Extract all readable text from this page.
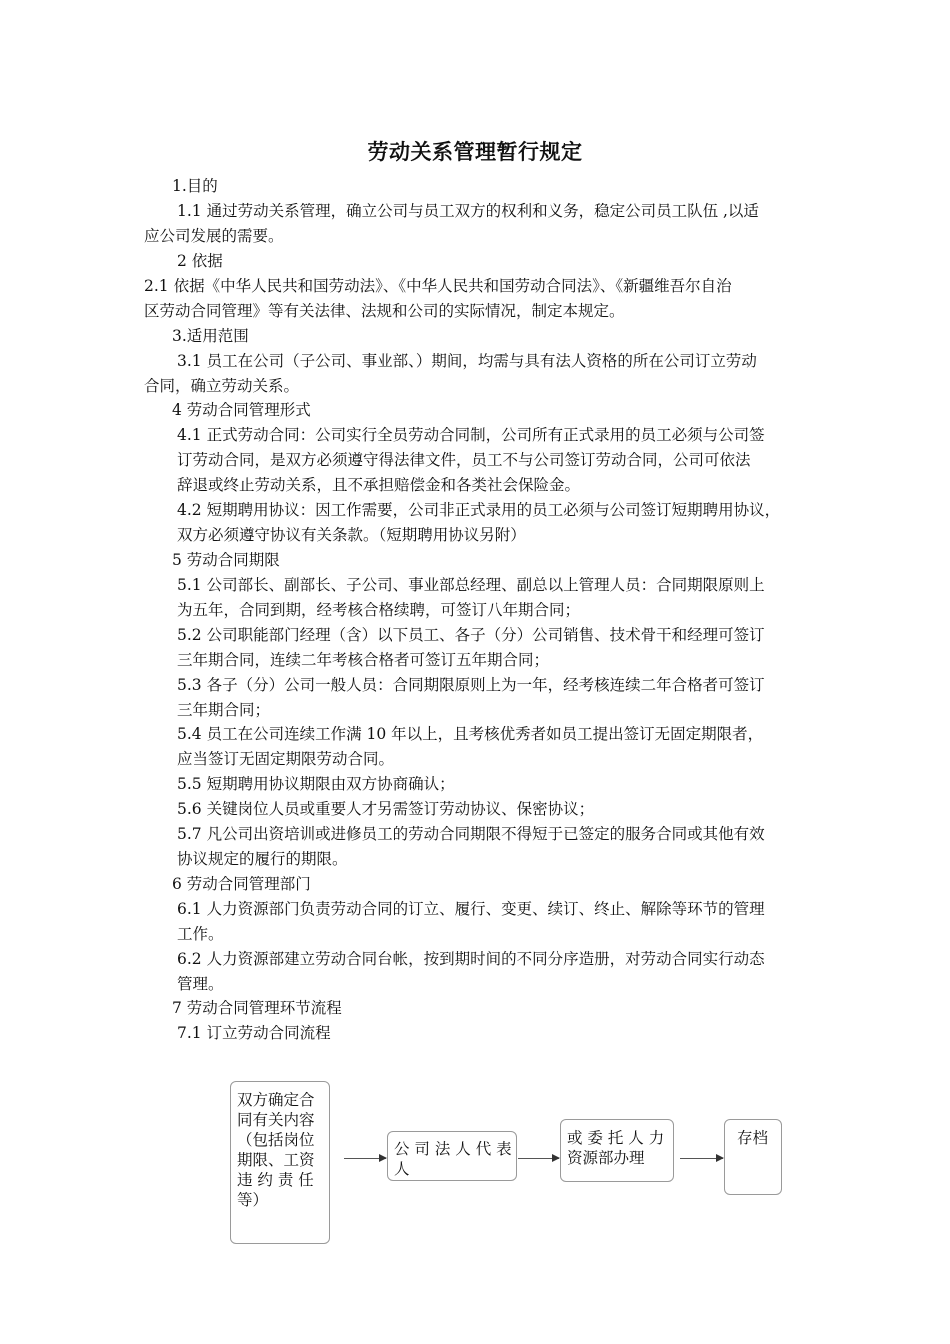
劳动关系管理暂行规定
1.目的
1.1 通过劳动关系管理，确立公司与员工双方的权利和义务，稳定公司员工队伍 ,以适
应公司发展的需要。
2 依据
2.1 依据《中华人民共和国劳动法》、《中华人民共和国劳动合同法》、《新疆维吾尔自治
区劳动合同管理》等有关法律、法规和公司的实际情况，制定本规定。
3.适用范围
3.1 员工在公司（子公司、事业部、）期间，均需与具有法人资格的所在公司订立劳动
合同，确立劳动关系。
4 劳动合同管理形式
4.1 正式劳动合同：公司实行全员劳动合同制，公司所有正式录用的员工必须与公司签
订劳动合同，是双方必须遵守得法律文件，员工不与公司签订劳动合同，公司可依法
辞退或终止劳动关系，且不承担赔偿金和各类社会保险金。
4.2 短期聘用协议：因工作需要，公司非正式录用的员工必须与公司签订短期聘用协议，
双方必须遵守协议有关条款。（短期聘用协议另附）
5 劳动合同期限
5.1 公司部长、副部长、子公司、事业部总经理、副总以上管理人员：合同期限原则上
为五年，合同到期，经考核合格续聘，可签订八年期合同；
5.2 公司职能部门经理（含）以下员工、各子（分）公司销售、技术骨干和经理可签订
三年期合同，连续二年考核合格者可签订五年期合同；
5.3 各子（分）公司一般人员：合同期限原则上为一年，经考核连续二年合格者可签订
三年期合同；
5.4 员工在公司连续工作满 10 年以上，且考核优秀者如员工提出签订无固定期限者，
应当签订无固定期限劳动合同。
5.5 短期聘用协议期限由双方协商确认；
5.6 关键岗位人员或重要人才另需签订劳动协议、保密协议；
5.7 凡公司出资培训或进修员工的劳动合同期限不得短于已签定的服务合同或其他有效
协议规定的履行的期限。
6 劳动合同管理部门
6.1 人力资源部门负责劳动合同的订立、履行、变更、续订、终止、解除等环节的管理
工作。
6.2 人力资源部建立劳动合同台帐，按到期时间的不同分序造册，对劳动合同实行动态
管理。
7 劳动合同管理环节流程
7.1 订立劳动合同流程
双方确定合
同有关内容
（包括岗位
期限、工资
违 约 责 任
等）
公 司 法 人 代 表
人
或 委 托 人 力
资源部办理
存档
